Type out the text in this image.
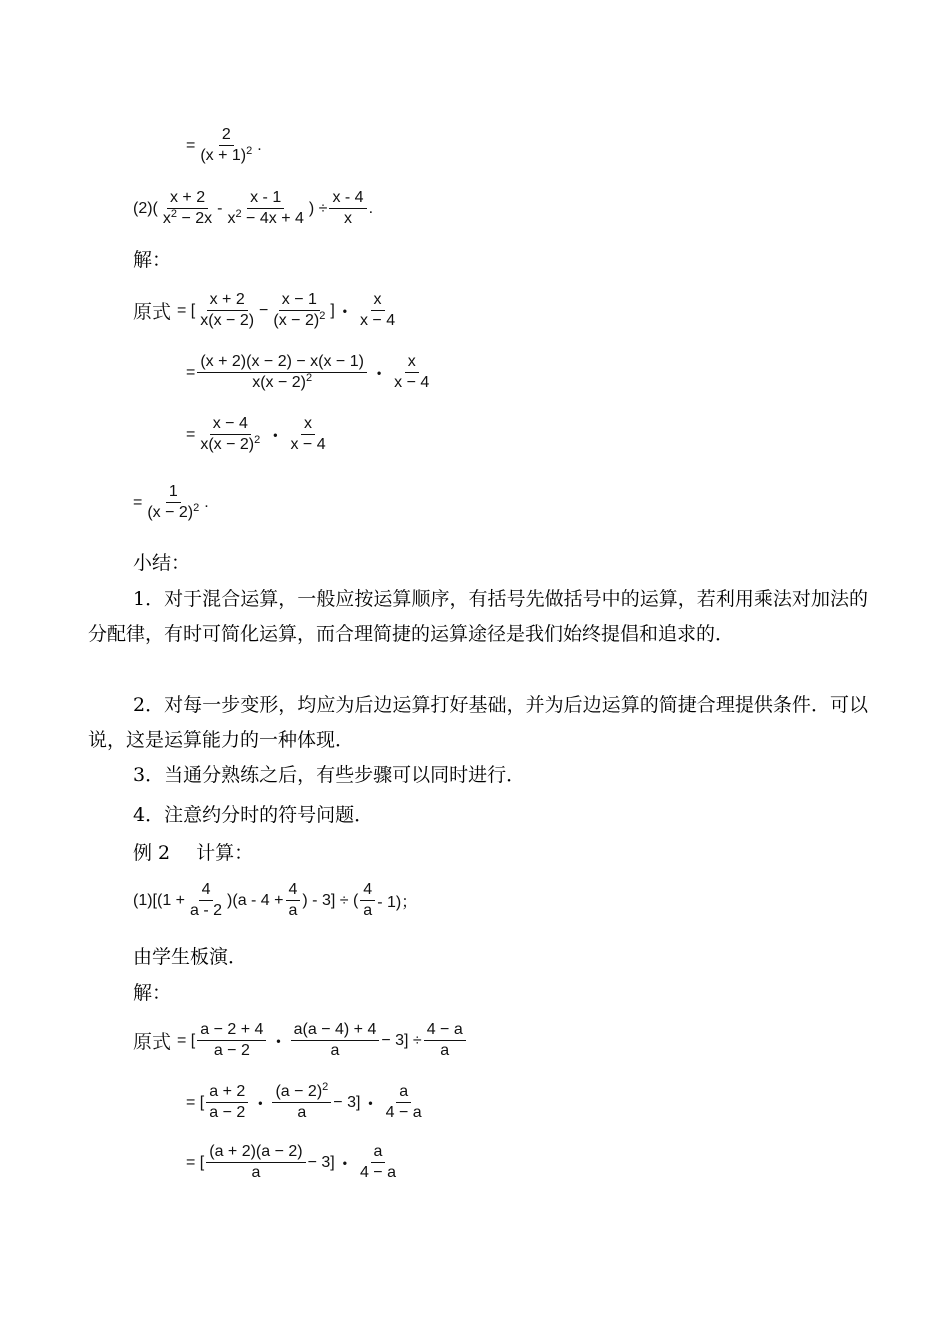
= $\frac{2}{(x + 1)^2}$ .
$(2)( \frac{x + 2}{x^2 - 2x} - \frac{x - 1}{x^2 - 4x + 4}$ ) ÷ $\frac{x - 4}{x}$ .
解：
原式 = [ $\frac{x + 2}{x(x - 2)} - \frac{x - 1}{(x - 2)^2}$ ] • $\frac{x}{x - 4}$
= $\frac{(x + 2)(x - 2) - x(x - 1)}{x(x - 2)^2}$ • $\frac{x}{x - 4}$
= $\frac{x - 4}{x(x - 2)^2}$ • $\frac{x}{x - 4}$
= $\frac{1}{(x - 2)^2}$ .
小结：
1．对于混合运算，一般应按运算顺序，有括号先做括号中的运算，若利用乘法对加法的分配律，有时可简化运算，而合理简捷的运算途径是我们始终提倡和追求的．
2．对每一步变形，均应为后边运算打好基础，并为后边运算的简捷合理提供条件．可以说，这是运算能力的一种体现．
3．当通分熟练之后，有些步骤可以同时进行．
4．注意约分时的符号问题．
例 2 计算：
$(1)[(1 + \frac{4}{a - 2} )(a - 4 + \frac{4}{a}$ ) - 3] ÷ ( $\frac{4}{a} - 1$)；
由学生板演．
解：
原式 = [ $\frac{a - 2 + 4}{a - 2}$ • $\frac{a(a - 4) + 4}{a} - 3] \div \frac{4 - a}{a}$
= [ $\frac{a + 2}{a - 2}$ • $\frac{(a - 2)^2}{a} - 3$] • $\frac{a}{4 - a}$
= [ $\frac{(a + 2)(a - 2)}{a} - 3$] • $\frac{a}{4 - a}$
